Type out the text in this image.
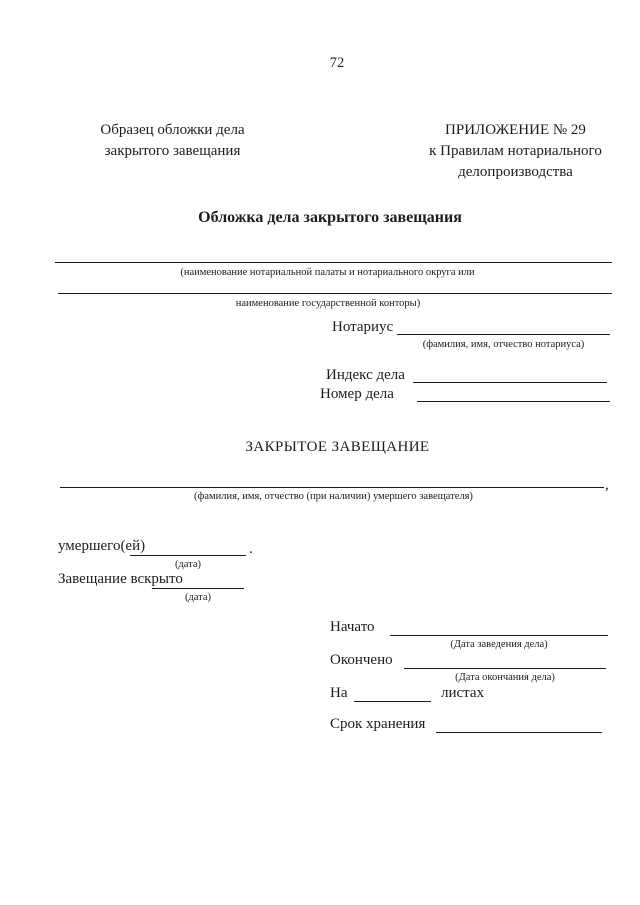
72
Образец обложки дела
закрытого завещания
ПРИЛОЖЕНИЕ № 29
к Правилам нотариального
делопроизводства
Обложка дела закрытого завещания
(наименование нотариальной палаты и нотариального округа или
наименование государственной конторы)
Нотариус
(фамилия, имя, отчество нотариуса)
Индекс дела
Номер дела
ЗАКРЫТОЕ ЗАВЕЩАНИЕ
,
(фамилия, имя, отчество (при наличии) умершего завещателя)
умершего(ей)	.
(дата)
Завещание вскрыто
(дата)
Начато
(Дата заведения дела)
Окончено
(Дата окончания дела)
На	листах
Срок хранения
